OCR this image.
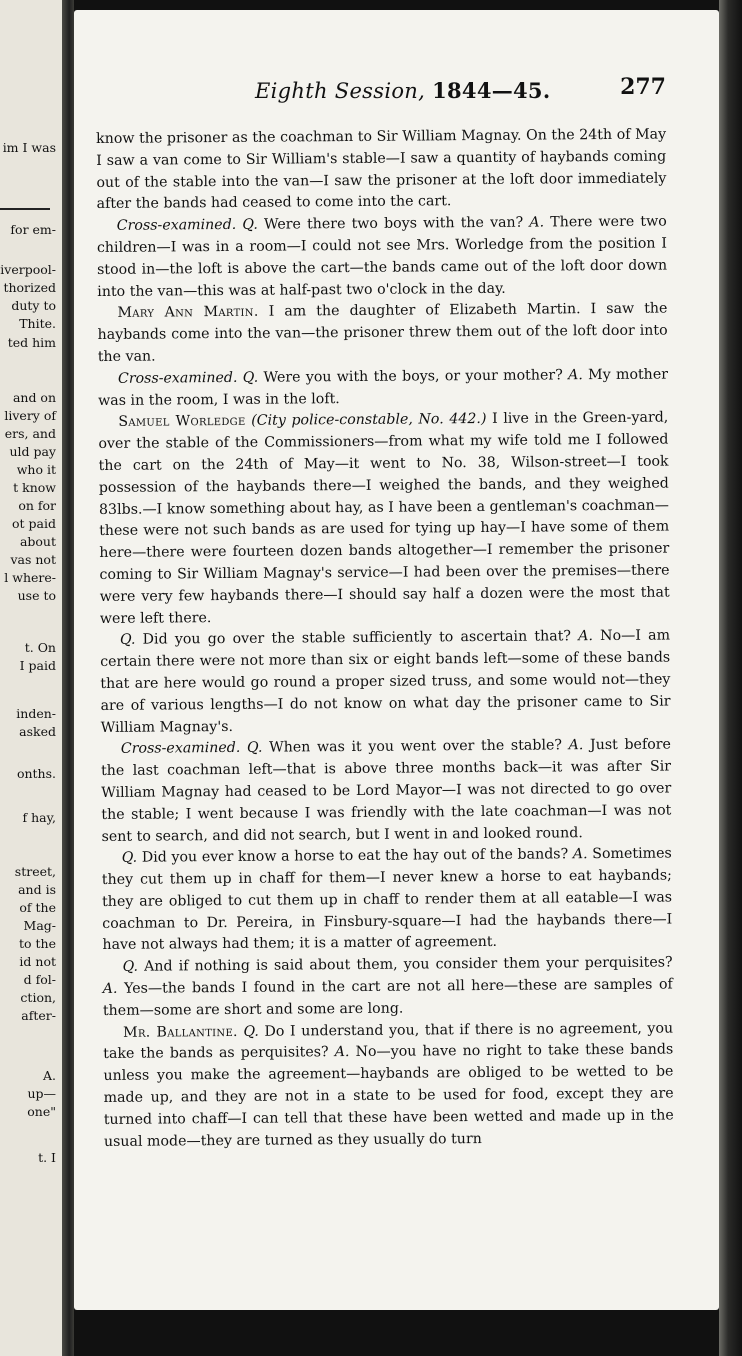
im I was
for em-
iverpool-
thorized
duty to
Thite.
ted him
and on
livery of
ers, and
uld pay
who it
t know
on for
ot paid
about
vas not
l where-
use to
t. On
I paid
inden-
asked
onths.
f hay,
street,
and is
of the
Mag-
to the
id not
d fol-
ction,
after-
A.
up—
one"
t. I
Eighth Session, 1844—45.	277

know the prisoner as the coachman to Sir William Magnay. On the 24th of May I saw a van come to Sir William's stable—I saw a quantity of haybands coming out of the stable into the van—I saw the prisoner at the loft door immediately after the bands had ceased to come into the cart.

Cross-examined. Q. Were there two boys with the van? A. There were two children—I was in a room—I could not see Mrs. Worledge from the position I stood in—the loft is above the cart—the bands came out of the loft door down into the van—this was at half-past two o'clock in the day.

Mary Ann Martin. I am the daughter of Elizabeth Martin. I saw the haybands come into the van—the prisoner threw them out of the loft door into the van.

Cross-examined. Q. Were you with the boys, or your mother? A. My mother was in the room, I was in the loft.

Samuel Worledge (City police-constable, No. 442.) I live in the Green-yard, over the stable of the Commissioners—from what my wife told me I followed the cart on the 24th of May—it went to No. 38, Wilson-street—I took possession of the haybands there—I weighed the bands, and they weighed 83lbs.—I know something about hay, as I have been a gentleman's coachman—these were not such bands as are used for tying up hay—I have some of them here—there were fourteen dozen bands altogether—I remember the prisoner coming to Sir William Magnay's service—I had been over the premises—there were very few haybands there—I should say half a dozen were the most that were left there.

Q. Did you go over the stable sufficiently to ascertain that? A. No—I am certain there were not more than six or eight bands left—some of these bands that are here would go round a proper sized truss, and some would not—they are of various lengths—I do not know on what day the prisoner came to Sir William Magnay's.

Cross-examined. Q. When was it you went over the stable? A. Just before the last coachman left—that is above three months back—it was after Sir William Magnay had ceased to be Lord Mayor—I was not directed to go over the stable; I went because I was friendly with the late coachman—I was not sent to search, and did not search, but I went in and looked round.

Q. Did you ever know a horse to eat the hay out of the bands? A. Sometimes they cut them up in chaff for them—I never knew a horse to eat haybands; they are obliged to cut them up in chaff to render them at all eatable—I was coachman to Dr. Pereira, in Finsbury-square—I had the haybands there—I have not always had them; it is a matter of agreement.

Q. And if nothing is said about them, you consider them your perquisites? A. Yes—the bands I found in the cart are not all here—these are samples of them—some are short and some are long.

Mr. Ballantine. Q. Do I understand you, that if there is no agreement, you take the bands as perquisites? A. No—you have no right to take these bands unless you make the agreement—haybands are obliged to be wetted to be made up, and they are not in a state to be used for food, except they are turned into chaff—I can tell that these have been wetted and made up in the usual mode—they are turned as they usually do turn
